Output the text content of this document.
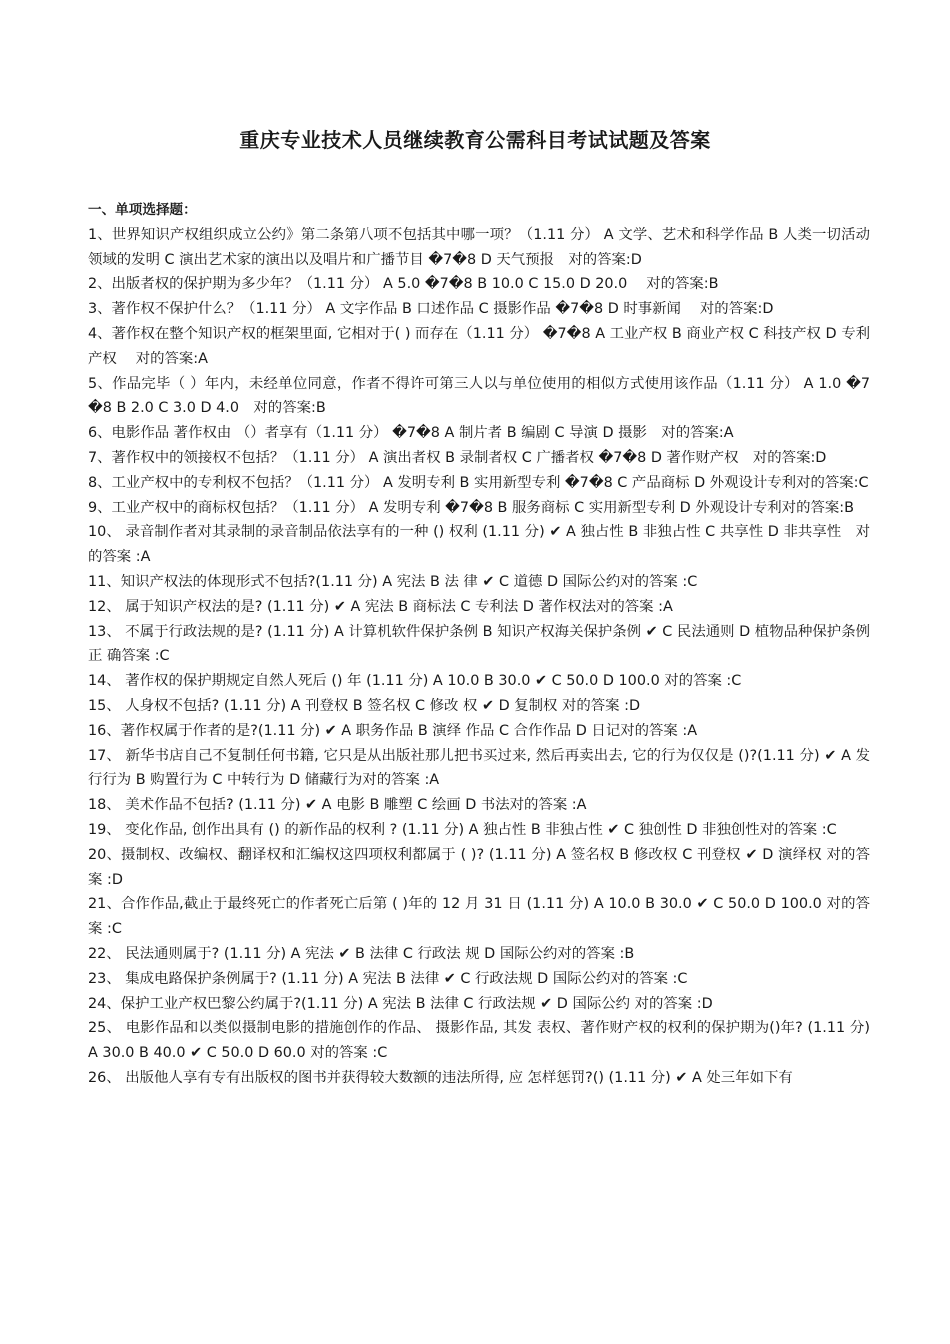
重庆专业技术人员继续教育公需科目考试试题及答案

一、单项选择题：

1、世界知识产权组织成立公约》第二条第八项不包括其中哪一项？（1.11 分） A 文学、艺术和科学作品 B 人类一切活动领域的发明 C 演出艺术家的演出以及唱片和广播节目 �7�8 D 天气预报　对的答案:D

2、出版者权的保护期为多少年？（1.11 分） A 5.0 �7�8 B 10.0 C 15.0 D 20.0　 对的答案:B

3、著作权不保护什么？（1.11 分） A 文字作品 B 口述作品 C 摄影作品 �7�8 D 时事新闻　 对的答案:D

4、著作权在整个知识产权的框架里面, 它相对于( ) 而存在（1.11 分） �7�8 A 工业产权 B 商业产权 C 科技产权 D 专利产权　 对的答案:A

5、作品完毕（ ）年内，未经单位同意，作者不得许可第三人以与单位使用的相似方式使用该作品（1.11 分） A 1.0 �7�8 B 2.0 C 3.0 D 4.0　对的答案:B

6、电影作品 著作权由 （）者享有（1.11 分） �7�8 A 制片者 B 编剧 C 导演 D 摄影　对的答案:A

7、著作权中的领接权不包括？（1.11 分） A 演出者权 B 录制者权 C 广播者权 �7�8 D 著作财产权　对的答案:D

8、工业产权中的专利权不包括？（1.11 分） A 发明专利 B 实用新型专利 �7�8 C 产品商标 D 外观设计专利对的答案:C

9、工业产权中的商标权包括？（1.11 分） A 发明专利 �7�8 B 服务商标 C 实用新型专利 D 外观设计专利对的答案:B

10、 录音制作者对其录制的录音制品依法享有的一种 () 权利 (1.11 分) ✔ A 独占性 B 非独占性 C 共享性 D 非共享性　对的答案 :A

11、知识产权法的体现形式不包括?(1.11 分) A 宪法 B 法 律 ✔ C 道德 D 国际公约对的答案 :C

12、 属于知识产权法的是? (1.11 分) ✔ A 宪法 B 商标法 C 专利法 D 著作权法对的答案 :A

13、 不属于行政法规的是? (1.11 分) A 计算机软件保护条例 B 知识产权海关保护条例 ✔ C 民法通则 D 植物品种保护条例正 确答案 :C

14、 著作权的保护期规定自然人死后 () 年 (1.11 分) A 10.0 B 30.0 ✔ C 50.0 D 100.0 对的答案 :C

15、 人身权不包括? (1.11 分) A 刊登权 B 签名权 C 修改 权 ✔ D 复制权 对的答案 :D

16、著作权属于作者的是?(1.11 分) ✔ A 职务作品 B 演绎 作品 C 合作作品 D 日记对的答案 :A

17、 新华书店自己不复制任何书籍, 它只是从出版社那儿把书买过来, 然后再卖出去, 它的行为仅仅是 ()?(1.11 分) ✔ A 发行行为 B 购置行为 C 中转行为 D 储藏行为对的答案 :A

18、 美术作品不包括? (1.11 分) ✔ A 电影 B 雕塑 C 绘画 D 书法对的答案 :A

19、 变化作品, 创作出具有 () 的新作品的权利 ? (1.11 分) A 独占性 B 非独占性 ✔ C 独创性 D 非独创性对的答案 :C

20、摄制权、改编权、翻译权和汇编权这四项权利都属于 ( )? (1.11 分) A 签名权 B 修改权 C 刊登权 ✔ D 演绎权 对的答案 :D

21、合作作品,截止于最终死亡的作者死亡后第 ( )年的 12 月 31 日 (1.11 分) A 10.0 B 30.0 ✔ C 50.0 D 100.0 对的答案 :C

22、 民法通则属于? (1.11 分) A 宪法 ✔ B 法律 C 行政法 规 D 国际公约对的答案 :B

23、 集成电路保护条例属于? (1.11 分) A 宪法 B 法律 ✔ C 行政法规 D 国际公约对的答案 :C

24、保护工业产权巴黎公约属于?(1.11 分) A 宪法 B 法律 C 行政法规 ✔ D 国际公约 对的答案 :D

25、 电影作品和以类似摄制电影的措施创作的作品、 摄影作品, 其发 表权、著作财产权的权利的保护期为()年? (1.11 分) A 30.0 B 40.0 ✔ C 50.0 D 60.0 对的答案 :C

26、 出版他人享有专有出版权的图书并获得较大数额的违法所得, 应 怎样惩罚?() (1.11 分) ✔ A 处三年如下有
